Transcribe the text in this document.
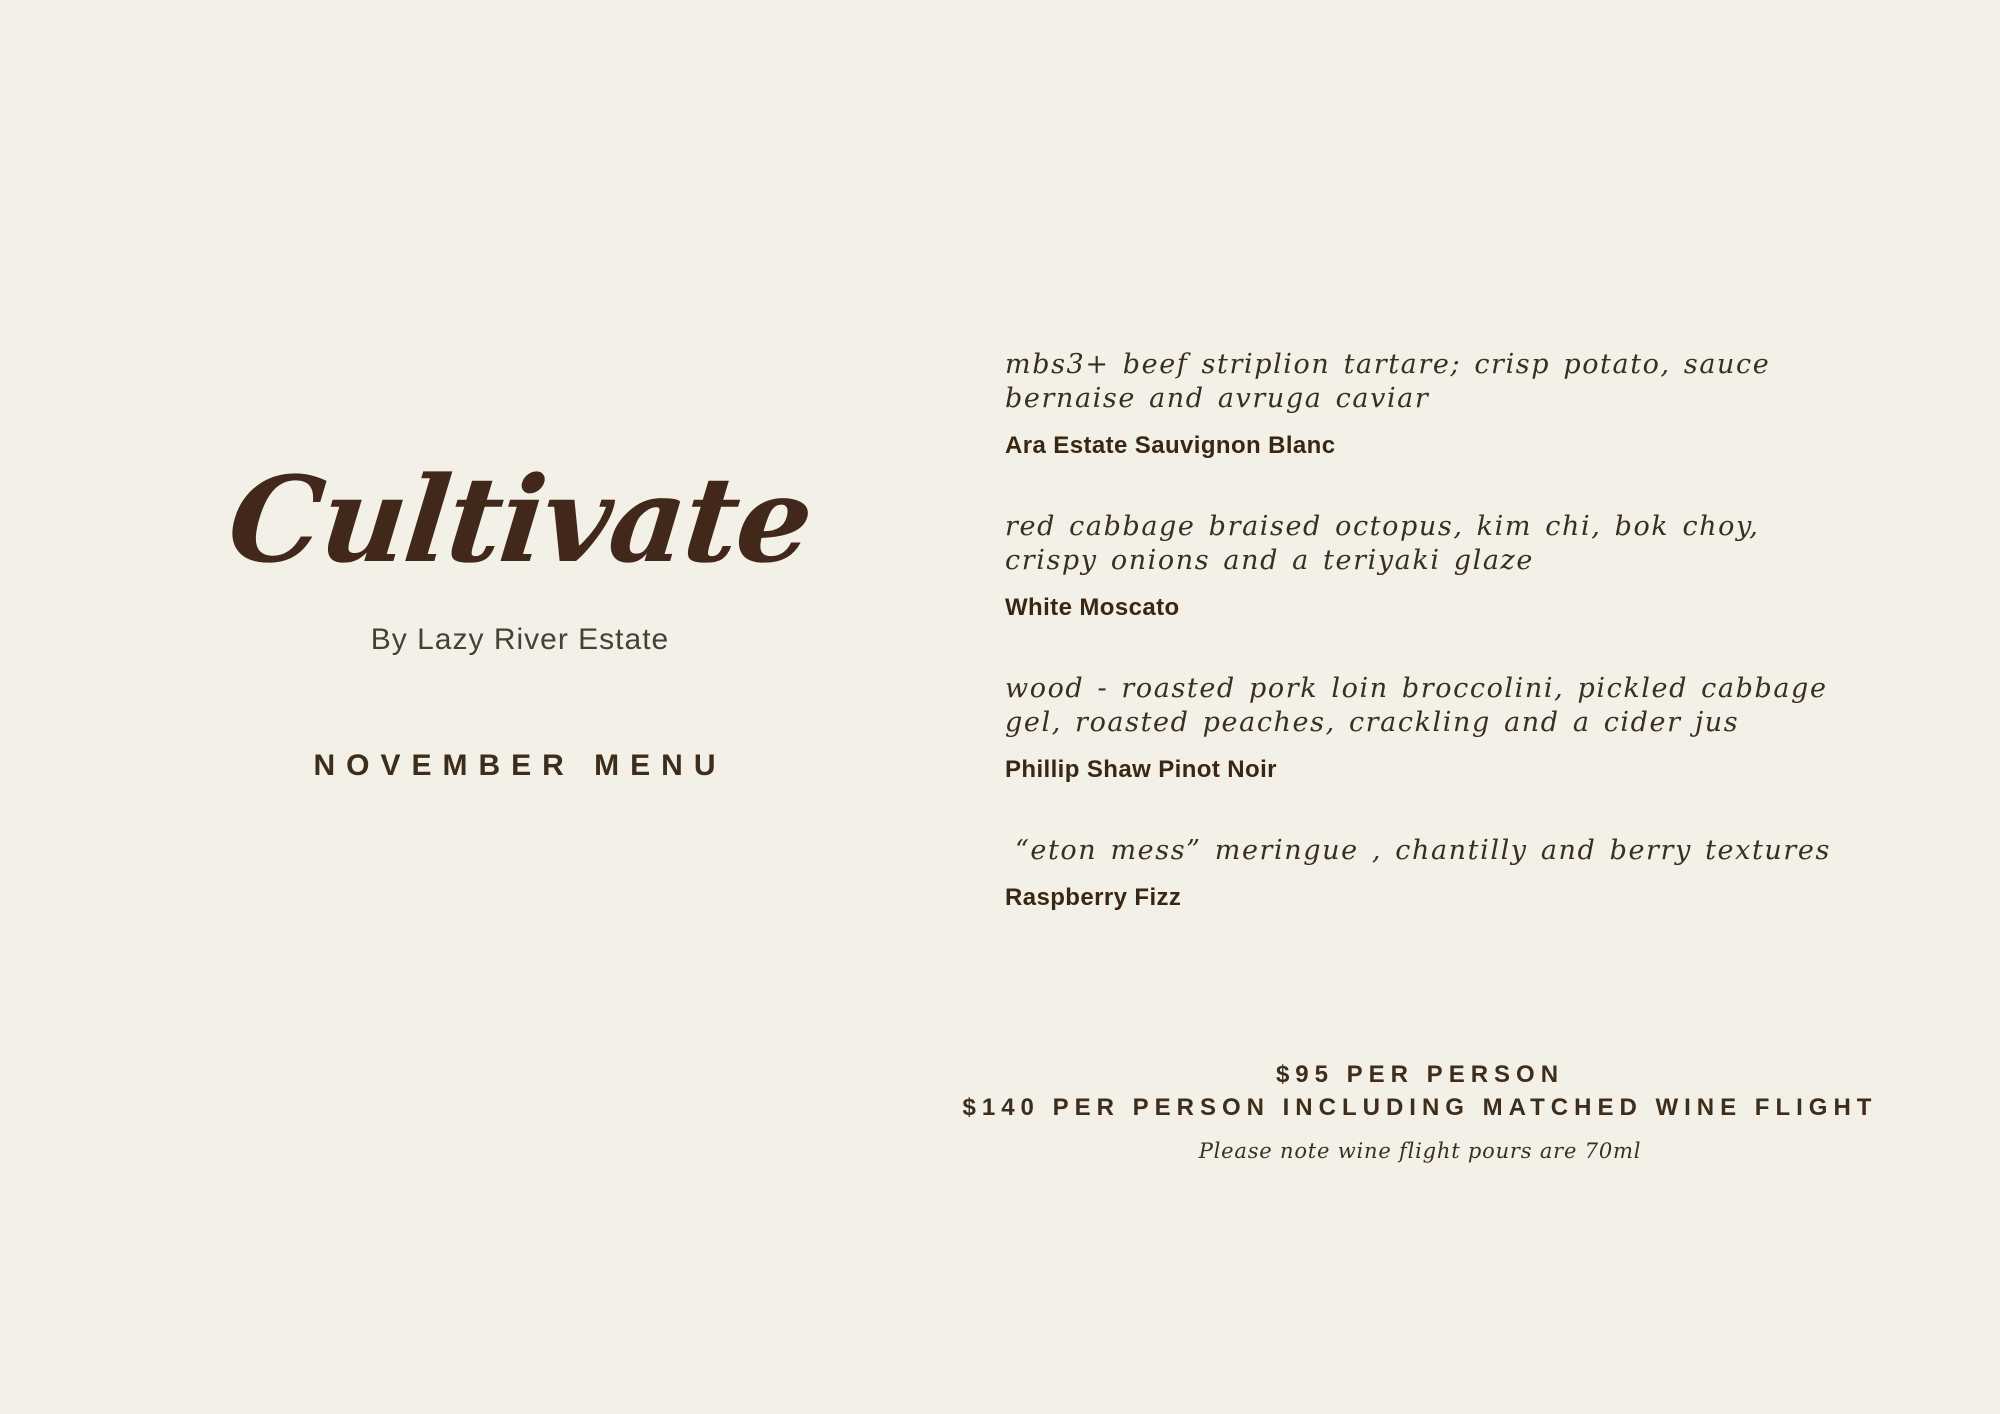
Cultivate

By Lazy River Estate

NOVEMBER MENU

mbs3+ beef striplion tartare; crisp potato, sauce bernaise and avruga caviar

Ara Estate Sauvignon Blanc

red cabbage braised octopus, kim chi, bok choy, crispy onions and a teriyaki glaze

White Moscato

wood - roasted pork loin broccolini, pickled cabbage gel, roasted peaches, crackling and a cider jus

Phillip Shaw Pinot Noir

“eton mess” meringue , chantilly and berry textures

Raspberry Fizz

$95 PER PERSON

$140 PER PERSON INCLUDING MATCHED WINE FLIGHT

Please note wine flight pours are 70ml
